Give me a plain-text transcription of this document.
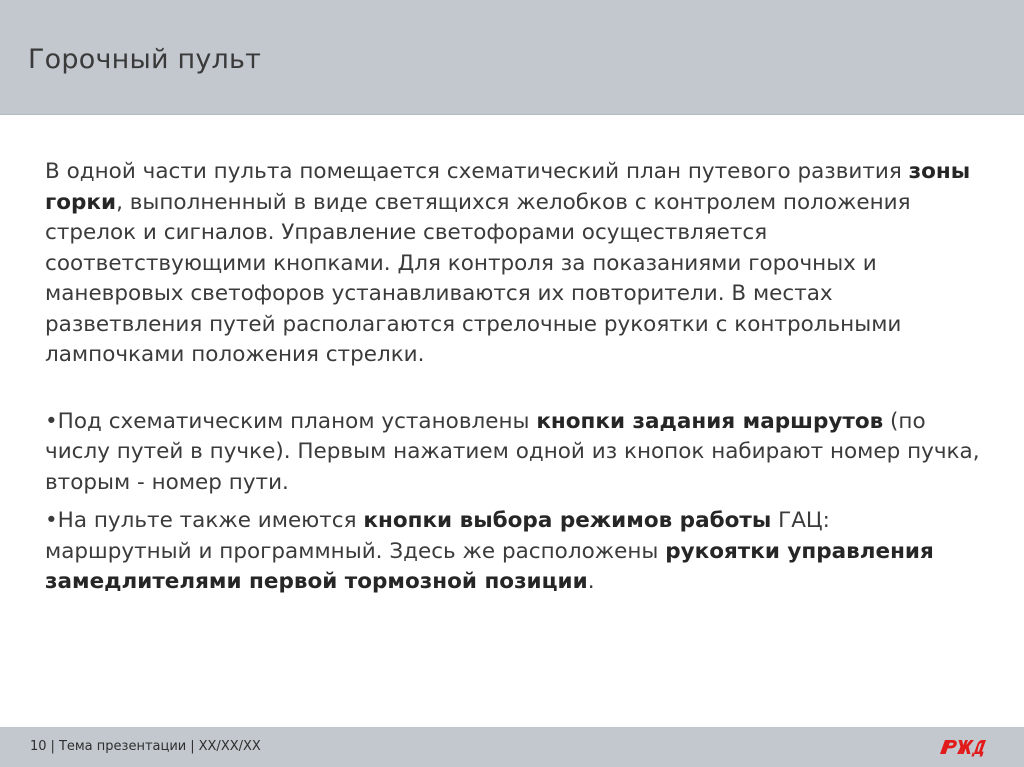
Горочный пульт

В одной части пульта помещается схематический план путевого развития зоны горки, выполненный в виде светящихся желобков с контролем положения стрелок и сигналов. Управление светофорами осуществляется соответствующими кнопками. Для контроля за показаниями горочных и маневровых светофоров устанавливаются их повторители. В местах разветвления путей располагаются стрелочные рукоятки с контрольными лампочками положения стрелки.

•Под схематическим планом установлены кнопки задания маршрутов (по числу путей в пучке). Первым нажатием одной из кнопок набирают номер пучка, вторым - номер пути.

•На пульте также имеются кнопки выбора режимов работы ГАЦ: маршрутный и программный. Здесь же расположены рукоятки управления замедлителями первой тормозной позиции.

10 | Тема презентации | XX/XX/XX
